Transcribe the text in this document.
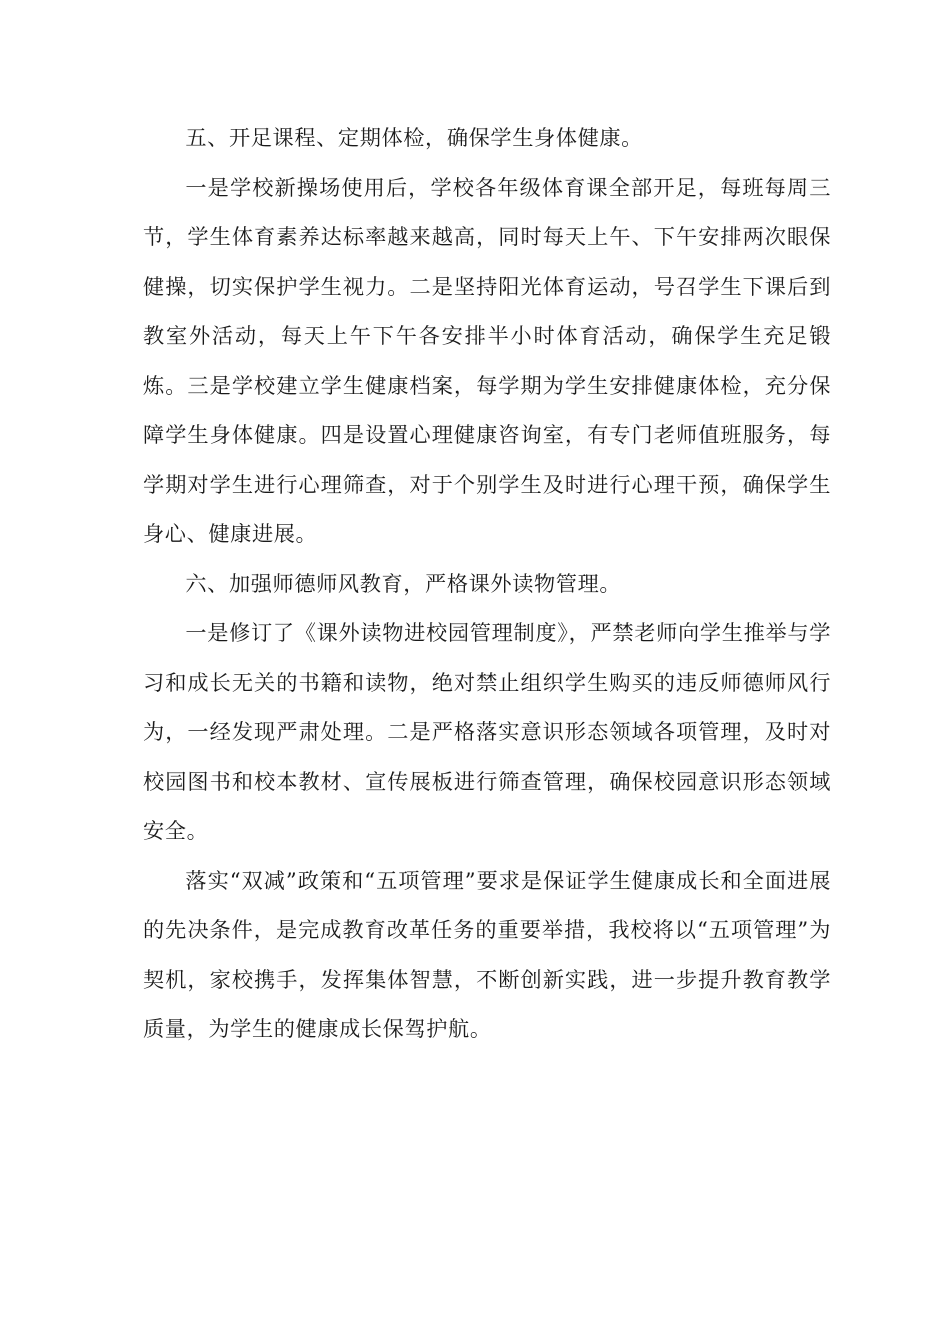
五、开足课程、定期体检，确保学生身体健康。

一是学校新操场使用后，学校各年级体育课全部开足，每班每周三节，学生体育素养达标率越来越高，同时每天上午、下午安排两次眼保健操，切实保护学生视力。二是坚持阳光体育运动，号召学生下课后到教室外活动，每天上午下午各安排半小时体育活动，确保学生充足锻炼。三是学校建立学生健康档案，每学期为学生安排健康体检，充分保障学生身体健康。四是设置心理健康咨询室，有专门老师值班服务，每学期对学生进行心理筛查，对于个别学生及时进行心理干预，确保学生身心、健康进展。

六、加强师德师风教育，严格课外读物管理。

一是修订了《课外读物进校园管理制度》，严禁老师向学生推举与学习和成长无关的书籍和读物，绝对禁止组织学生购买的违反师德师风行为，一经发现严肃处理。二是严格落实意识形态领域各项管理，及时对校园图书和校本教材、宣传展板进行筛查管理，确保校园意识形态领域安全。

落实“双减”政策和“五项管理”要求是保证学生健康成长和全面进展的先决条件，是完成教育改革任务的重要举措，我校将以“五项管理”为契机，家校携手，发挥集体智慧，不断创新实践，进一步提升教育教学质量，为学生的健康成长保驾护航。
